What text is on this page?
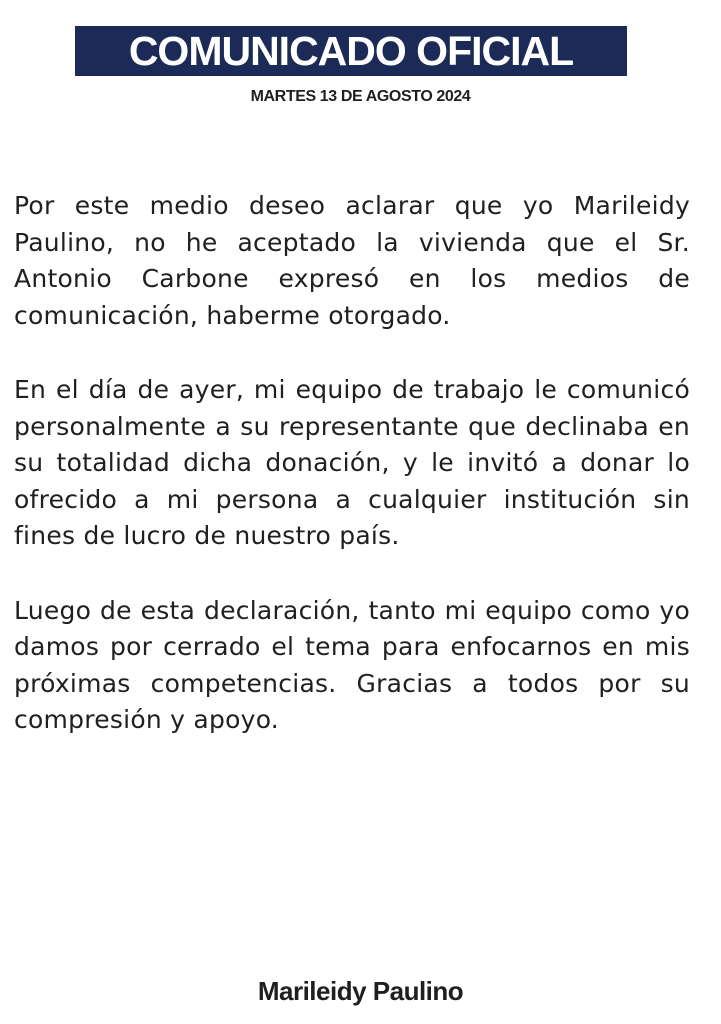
COMUNICADO OFICIAL
MARTES 13 DE AGOSTO 2024

Por este medio deseo aclarar que yo Marileidy Paulino, no he aceptado la vivienda que el Sr. Antonio Carbone expresó en los medios de comunicación, haberme otorgado.

En el día de ayer, mi equipo de trabajo le comunicó personalmente a su representante que declinaba en su totalidad dicha donación, y le invitó a donar lo ofrecido a mi persona a cualquier institución sin fines de lucro de nuestro país.

Luego de esta declaración, tanto mi equipo como yo damos por cerrado el tema para enfocarnos en mis próximas competencias. Gracias a todos por su compresión y apoyo.

Marileidy Paulino
